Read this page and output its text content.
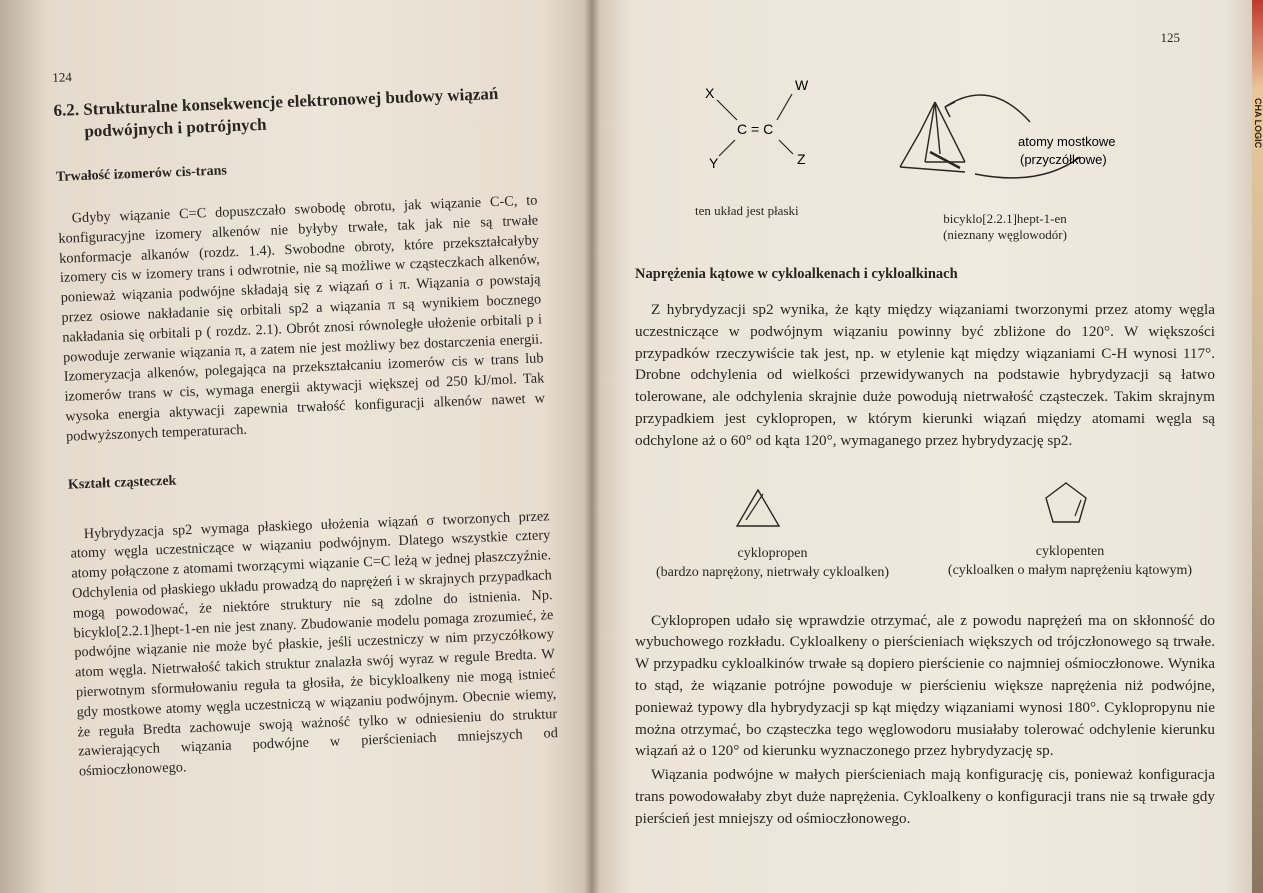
124

6.2. Strukturalne konsekwencje elektronowej budowy wiązań
podwójnych i potrójnych

Trwałość izomerów cis-trans

Gdyby wiązanie C=C dopuszczało swobodę obrotu, jak wiązanie C-C, to konfiguracyjne izomery alkenów nie byłyby trwałe, tak jak nie są trwałe konformacje alkanów (rozdz. 1.4). Swobodne obroty, które przekształcałyby izomery cis w izomery trans i odwrotnie, nie są możliwe w cząsteczkach alkenów, ponieważ wiązania podwójne składają się z wiązań σ i π. Wiązania σ powstają przez osiowe nakładanie się orbitali sp2 a wiązania π są wynikiem bocznego nakładania się orbitali p ( rozdz. 2.1). Obrót znosi równoległe ułożenie orbitali p i powoduje zerwanie wiązania π, a zatem nie jest możliwy bez dostarczenia energii. Izomeryzacja alkenów, polegająca na przekształcaniu izomerów cis w trans lub izomerów trans w cis, wymaga energii aktywacji większej od 250 kJ/mol. Tak wysoka energia aktywacji zapewnia trwałość konfiguracji alkenów nawet w podwyższonych temperaturach.

Kształt cząsteczek

Hybrydyzacja sp2 wymaga płaskiego ułożenia wiązań σ tworzonych przez atomy węgla uczestniczące w wiązaniu podwójnym. Dlatego wszystkie cztery atomy połączone z atomami tworzącymi wiązanie C=C leżą w jednej płaszczyźnie. Odchylenia od płaskiego układu prowadzą do naprężeń i w skrajnych przypadkach mogą powodować, że niektóre struktury nie są zdolne do istnienia. Np. bicyklo[2.2.1]hept-1-en nie jest znany. Zbudowanie modelu pomaga zrozumieć, że podwójne wiązanie nie może być płaskie, jeśli uczestniczy w nim przyczółkowy atom węgla. Nietrwałość takich struktur znalazła swój wyraz w regule Bredta. W pierwotnym sformułowaniu reguła ta głosiła, że bicykloalkeny nie mogą istnieć gdy mostkowe atomy węgla uczestniczą w wiązaniu podwójnym. Obecnie wiemy, że reguła Bredta zachowuje swoją ważność tylko w odniesieniu do struktur zawierających wiązania podwójne w pierścieniach mniejszych od ośmioczłonowego.

CHA LOGIC
125
X	W
C = C
Y	Z

ten układ jest płaski

atomy mostkowe
(przyczółkowe)

bicyklo[2.2.1]hept-1-en

(nieznany węglowodór)

Naprężenia kątowe w cykloalkenach i cykloalkinach

Z hybrydyzacji sp2 wynika, że kąty między wiązaniami tworzonymi przez atomy węgla uczestniczące w podwójnym wiązaniu powinny być zbliżone do 120°. W większości przypadków rzeczywiście tak jest, np. w etylenie kąt między wiązaniami C-H wynosi 117°. Drobne odchylenia od wielkości przewidywanych na podstawie hybrydyzacji są łatwo tolerowane, ale odchylenia skrajnie duże powodują nietrwałość cząsteczek. Takim skrajnym przypadkiem jest cyklopropen, w którym kierunki wiązań między atomami węgla są odchylone aż o 60° od kąta 120°, wymaganego przez hybrydyzację sp2.

cyklopropen

(bardzo naprężony, nietrwały cykloalken)

cyklopenten

(cykloalken o małym naprężeniu kątowym)

Cyklopropen udało się wprawdzie otrzymać, ale z powodu naprężeń ma on skłonność do wybuchowego rozkładu. Cykloalkeny o pierścieniach większych od trójczłonowego są trwałe. W przypadku cykloalkinów trwałe są dopiero pierścienie co najmniej ośmioczłonowe. Wynika to stąd, że wiązanie potrójne powoduje w pierścieniu większe naprężenia niż podwójne, ponieważ typowy dla hybrydyzacji sp kąt między wiązaniami wynosi 180°. Cyklopropynu nie można otrzymać, bo cząsteczka tego węglowodoru musiałaby tolerować odchylenie kierunku wiązań aż o 120° od kierunku wyznaczonego przez hybrydyzację sp.

Wiązania podwójne w małych pierścieniach mają konfigurację cis, ponieważ konfiguracja trans powodowałaby zbyt duże naprężenia. Cykloalkeny o konfiguracji trans nie są trwałe gdy pierścień jest mniejszy od ośmioczłonowego.
